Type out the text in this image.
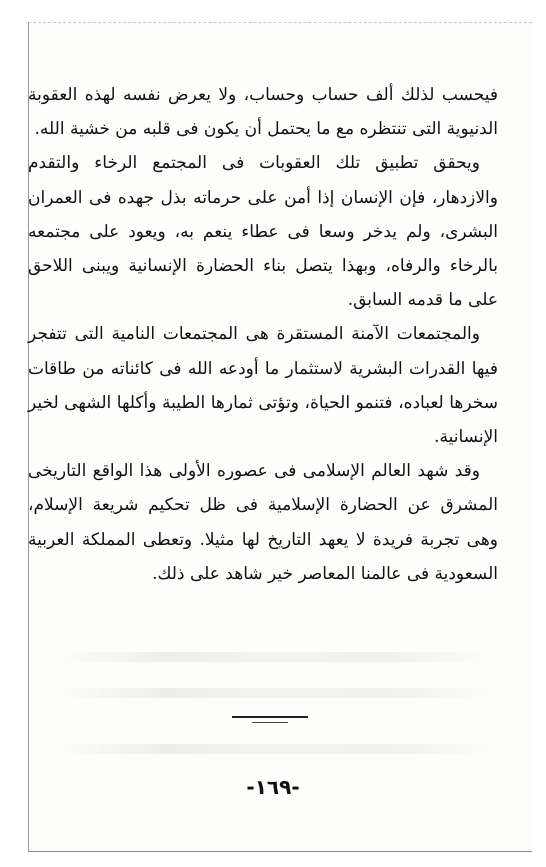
فيحسب لذلك ألف حساب وحساب، ولا يعرض نفسه لهذه العقوبة الدنيوية التى تنتظره مع ما يحتمل أن يكون فى قلبه من خشية الله.

ويحقق تطبيق تلك العقوبات فى المجتمع الرخاء والتقدم والازدهار، فإن الإنسان إذا أمن على حرماته بذل جهده فى العمران البشرى، ولم يدخر وسعا فى عطاء ينعم به، ويعود على مجتمعه بالرخاء والرفاه، وبهذا يتصل بناء الحضارة الإنسانية ويبنى اللاحق على ما قدمه السابق.

والمجتمعات الآمنة المستقرة هى المجتمعات النامية التى تتفجر فيها القدرات البشرية لاستثمار ما أودعه الله فى كائناته من طاقات سخرها لعباده، فتنمو الحياة، وتؤتى ثمارها الطيبة وأكلها الشهى لخير الإنسانية.

وقد شهد العالم الإسلامى فى عصوره الأولى هذا الواقع التاريخى المشرق عن الحضارة الإسلامية فى ظل تحكيم شريعة الإسلام، وهى تجربة فريدة لا يعهد التاريخ لها مثيلا. وتعطى المملكة العربية السعودية فى عالمنا المعاصر خير شاهد على ذلك.

-١٦٩-
